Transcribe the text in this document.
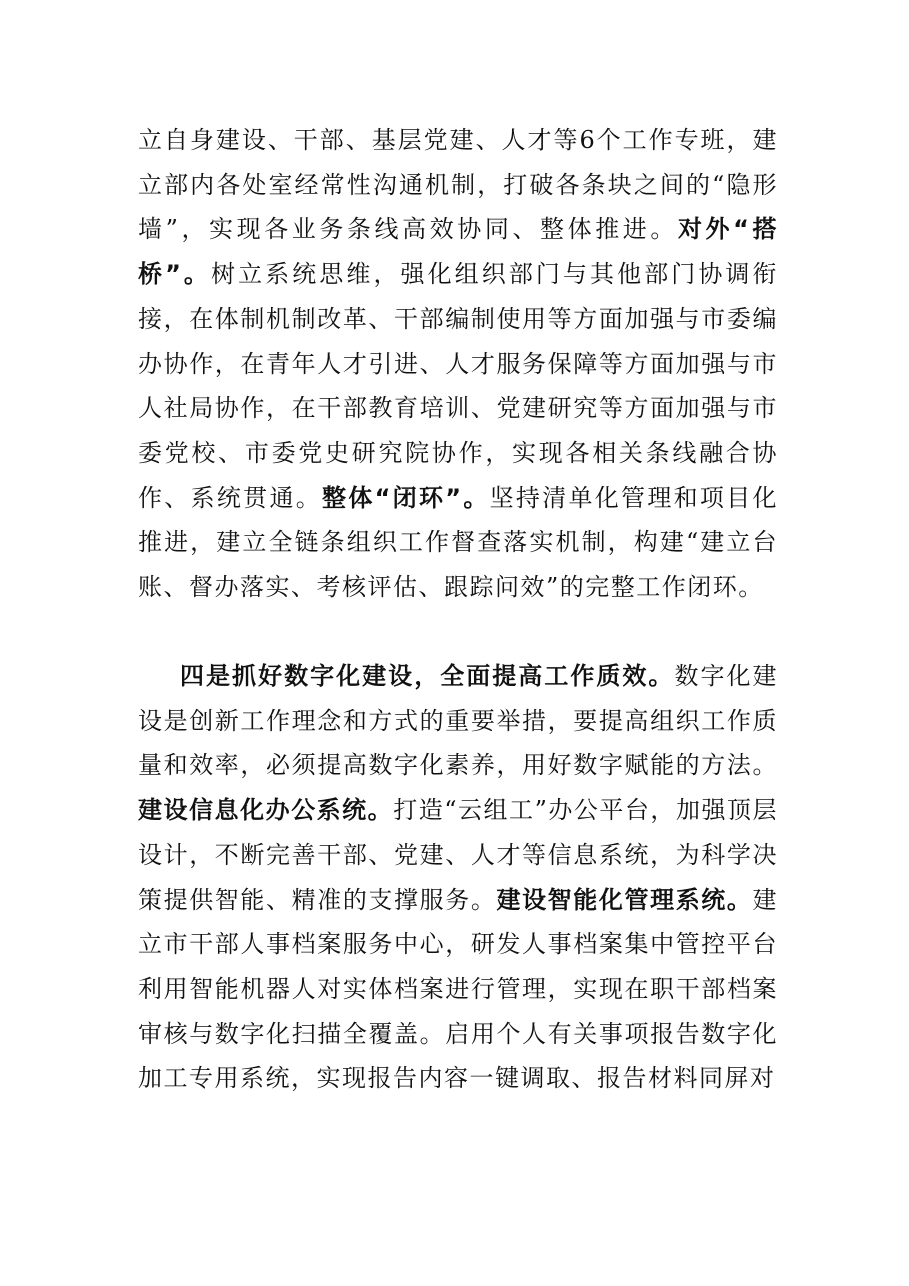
立自身建设、干部、基层党建、人才等6个工作专班，建立部内各处室经常性沟通机制，打破各条块之间的“隐形墙”，实现各业务条线高效协同、整体推进。对外“搭桥”。树立系统思维，强化组织部门与其他部门协调衔接，在体制机制改革、干部编制使用等方面加强与市委编办协作，在青年人才引进、人才服务保障等方面加强与市人社局协作，在干部教育培训、党建研究等方面加强与市委党校、市委党史研究院协作，实现各相关条线融合协作、系统贯通。整体“闭环”。坚持清单化管理和项目化推进，建立全链条组织工作督查落实机制，构建“建立台账、督办落实、考核评估、跟踪问效”的完整工作闭环。
四是抓好数字化建设，全面提高工作质效。数字化建设是创新工作理念和方式的重要举措，要提高组织工作质量和效率，必须提高数字化素养，用好数字赋能的方法。建设信息化办公系统。打造“云组工”办公平台，加强顶层设计，不断完善干部、党建、人才等信息系统，为科学决策提供智能、精准的支撑服务。建设智能化管理系统。建立市干部人事档案服务中心，研发人事档案集中管控平台利用智能机器人对实体档案进行管理，实现在职干部档案审核与数字化扫描全覆盖。启用个人有关事项报告数字化加工专用系统，实现报告内容一键调取、报告材料同屏对
